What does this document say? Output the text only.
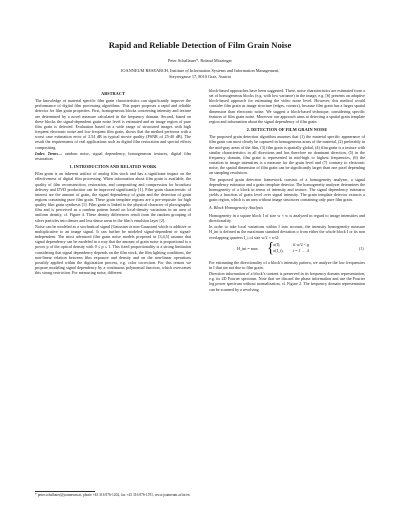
Rapid and Reliable Detection of Film Grain Noise
Peter Schallauer*, Roland Mörzinger
JOANNEUM RESEARCH, Institute of Information Systems and Information Management,
Steyrergasse 17, 8010 Graz, Austria
ABSTRACT

The knowledge of material specific film grain characteristics can significantly improve the performance of digital film processing algorithms. This paper proposes a rapid and reliable detector for film grain properties. First, homogeneous blocks concerning intensity and texture are determined by a novel measure calculated in the frequency domain. Second, based on these blocks the signal-dependent grain noise level is estimated and an image region of pure film grain is detected. Evaluation based on a wide range of structured images with high frequent electronic noise and low frequent film grain, shows that the method performs with a worst case estimation error of 2.54 dB in typical movie quality (PSNR of 25-40 dB). The result the requirements of real applications such as digital film restoration and special effects compositing.

Index Terms— random noise, signal dependency, homogeneous textures, digital film restoration

1. INTRODUCTION AND RELATED WORK

Film grain is an inherent artifact of analog film stock and has a significant impact on the effectiveness of digital film processing. When information about film grain is available, the quality of film reconstruction, restoration, and compositing and compression for broadcast delivery and DVD production can be improved significantly [1]. Film grain characteristic of interest are the amount of grain, the signal dependency of grain and the detection of grain regions containing pure film grain. These grain template regions are a pre-requisite for high quality film grain synthesis [1]. Film grain is linked to the physical character of photographic film and is perceived as a random pattern based on local-density variations in an area of uniform density, cf. Figure 4. These density differences result from the random grouping of silver particles into denser and less dense areas in the film’s emulsion layer [2].

Noise can be modeled as a stochastical signal (Gaussian or non-Gaussian) which is additive or multiplicative to an image signal. It can further be modeled signal-dependent or signal-independent. The most advanced film grain noise models proposed in [3,4,5] assume that signal dependency can be modeled in a way that the amount of grain noise is proportional to a power p of the optical density with 0 ≤ p ≤ 1. This fixed proportionality is a strong limitation considering that signal dependency depends on the film stock, the film lighting conditions, the non-linear relation between film exposure and density and on the non-linear operations possibly applied within the digitization process, e.g. color correction. For this reason we propose modeling signal dependency by a continuous polynomial function, which overcomes this strong restriction. For measuring noise, different

block-based approaches have been suggested. There, noise characteristics are estimated from a set of homogeneous blocks (e.g. with low variance) in the image, e.g. [6] presents an adaptive block-based approach for estimating the video noise level. However, this method would consider film grain as image structure (edges, corners), because film grain has a larger spatial dimension than electronic noise. We suggest a block-based technique, considering specific features of film grain noise. Moreover our approach aims at detecting a spatial grain template region and information about the signal dependency of film grain.

2. DETECTION OF FILM GRAIN NOISE

The proposed grain detection algorithm assumes that (1) the material specific appearance of film grain can most clearly be captured in homogeneous areas of the material, (2) preferably in the mid-gray areas of the film, (3) film grain is spatially global, (4) film grain is a texture with similar characteristics in all directions and has therefore no dominant direction, (5) in the frequency domain, film grain is represented in mid-high to highest frequencies, (6) the variation in image intensities is a measure for the grain level and (7) contrary to electronic noise, the spatial dimension of film grain can be significantly larger than one pixel depending on sampling resolution.

The proposed grain detection framework consists of a homogeneity analyzer, a signal dependency estimator and a grain template detector. The homogeneity analyzer determines the homogeneity of a block in terms of intensity and texture. The signal dependency estimator yields a function of grain level over signal intensity. The grain template detector extracts a grain region, which is an area without image structures containing only pure film grain.

A. Block Homogeneity Analysis

Homogeneity in a square block I of size w × w is analyzed in regard to image intensities and directionality.

In order to take local variations within I into account, the intensity homogeneity measure H_int is defined as the maximum standard deviation σ from either the whole block I or its non overlapping quarters I_i of size w/2 × w/2:

H_int = max {
σ(I),
σ(I_i),
if w/2 < g
i = 1 … 4	(1)

For estimating the directionality of a block’s intensity pattern, we analyze the low frequencies in I that are not due to film grain.

Direction information of a block’s content is preserved in its frequency domain representation, e.g. its 2D Fourier spectrum. Note that we discard the phase information and use the Fourier log power spectrum without normalization, cf. Figure 2. The frequency domain representation can be scanned by a revolving

* peter.schallauer@joanneum.at, phone +43 316 876-1202, fax +43 316 876-1191, www.joanneum.at/iis/en
